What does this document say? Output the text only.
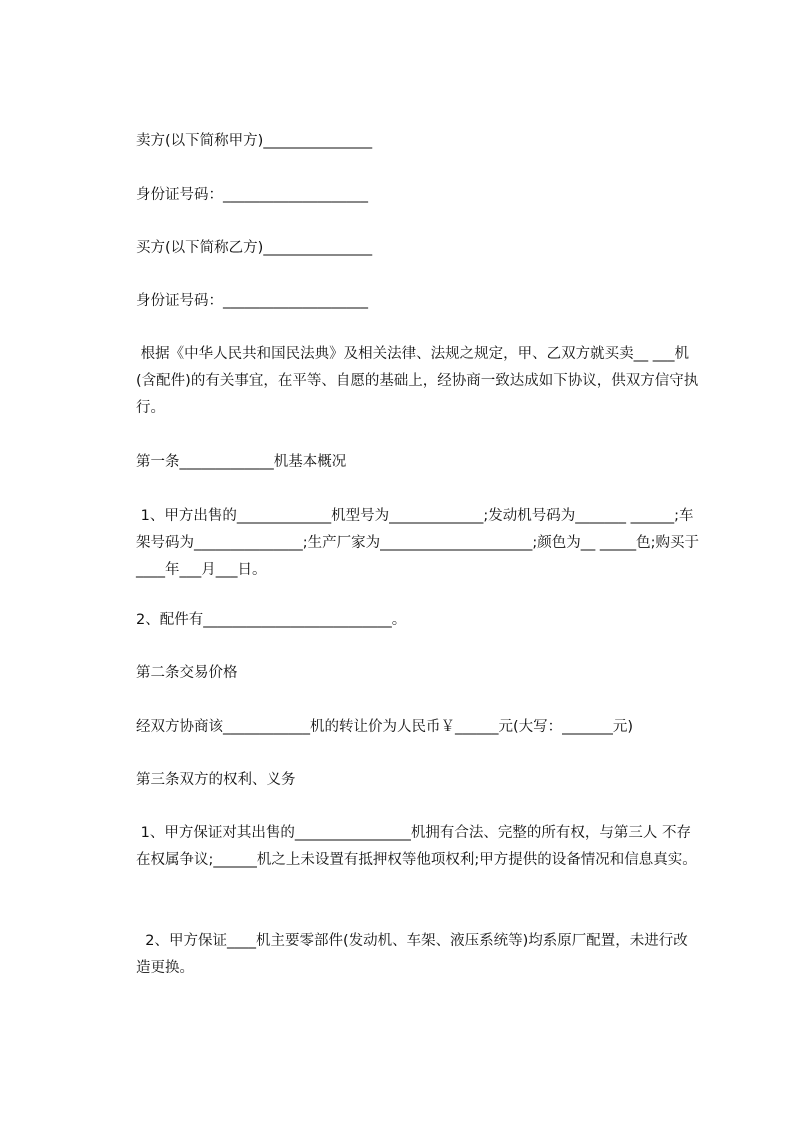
卖方(以下简称甲方)_______________

身份证号码：____________________

买方(以下简称乙方)_______________

身份证号码：____________________

根据《中华人民共和国民法典》及相关法律、法规之规定，甲、乙双方就买卖__ ___机(含配件)的有关事宜，在平等、自愿的基础上，经协商一致达成如下协议，供双方信守执行。

第一条_____________机基本概况

1、甲方出售的_____________机型号为_____________;发动机号码为_______ ______;车架号码为_______________;生产厂家为_____________________;颜色为__ _____色;购买于____年___月___日。

2、配件有__________________________。

第二条交易价格

经双方协商该____________机的转让价为人民币￥______元(大写：_______元)

第三条双方的权利、义务

1、甲方保证对其出售的________________机拥有合法、完整的所有权，与第三人 不存在权属争议;______机之上未设置有抵押权等他项权利;甲方提供的设备情况和信息真实。

2、甲方保证____机主要零部件(发动机、车架、液压系统等)均系原厂配置，未进行改造更换。
